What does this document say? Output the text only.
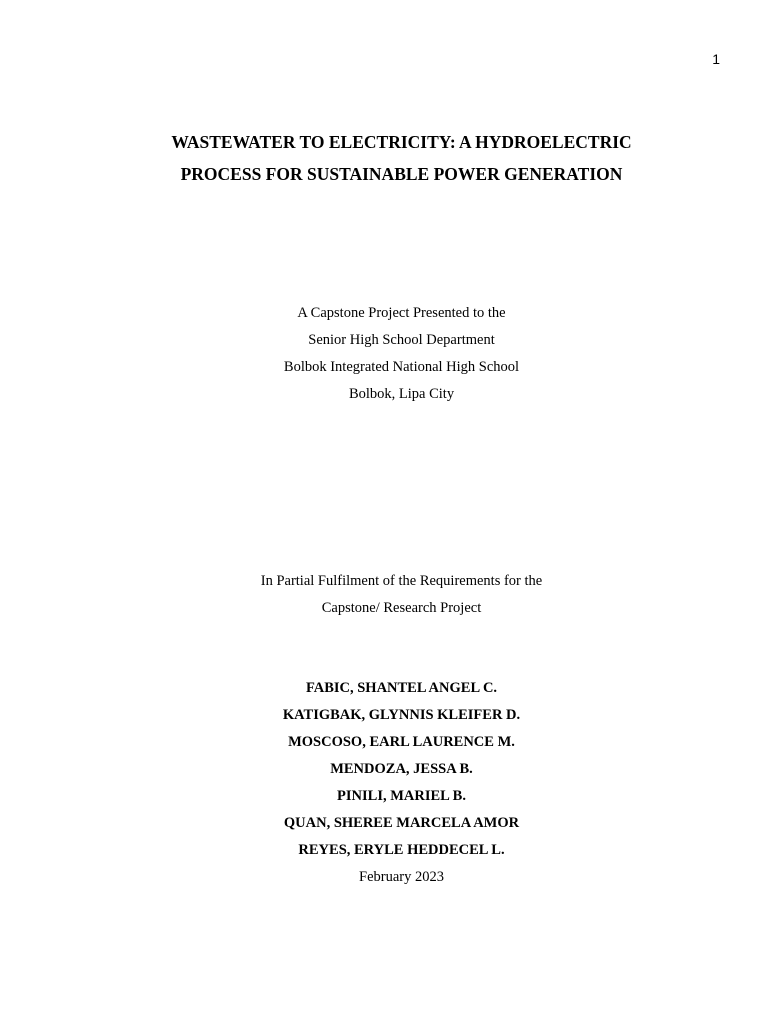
1
WASTEWATER TO ELECTRICITY: A HYDROELECTRIC
PROCESS FOR SUSTAINABLE POWER GENERATION
A Capstone Project Presented to the
Senior High School Department
Bolbok Integrated National High School
Bolbok, Lipa City
In Partial Fulfilment of the Requirements for the
Capstone/ Research Project
FABIC, SHANTEL ANGEL C.
KATIGBAK, GLYNNIS KLEIFER D.
MOSCOSO, EARL LAURENCE M.
MENDOZA, JESSA B.
PINILI, MARIEL B.
QUAN, SHEREE MARCELA AMOR
REYES, ERYLE HEDDECEL L.
February 2023
